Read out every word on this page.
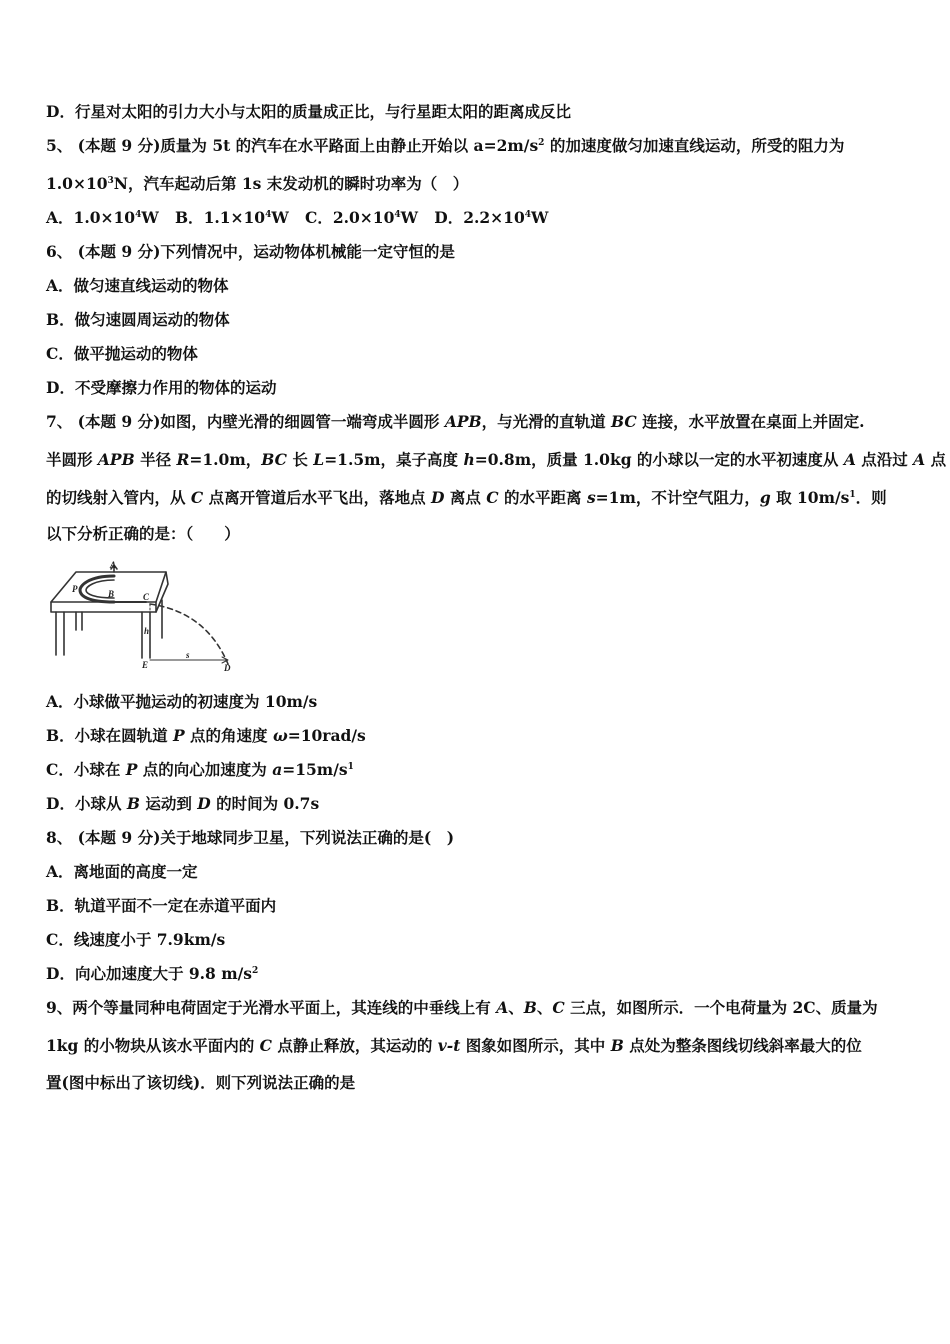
D．行星对太阳的引力大小与太阳的质量成正比，与行星距太阳的距离成反比
5、 (本题 9 分)质量为 5t 的汽车在水平路面上由静止开始以 $a=2m/s^2$ 的加速度做匀加速直线运动，所受的阻力为
$1.0\times 10^3N$，汽车起动后第 1s 末发动机的瞬时功率为（　）
A．$1.0\times 10^4W$ B．$1.1\times 10^4W$ C．$2.0\times 10^4W$ D．$2.2\times 10^4W$
6、 (本题 9 分)下列情况中，运动物体机械能一定守恒的是
A．做匀速直线运动的物体
B．做匀速圆周运动的物体
C．做平抛运动的物体
D．不受摩擦力作用的物体的运动
7、 (本题 9 分)如图，内壁光滑的细圆管一端弯成半圆形 APB，与光滑的直轨道 BC 连接，水平放置在桌面上并固定.
半圆形 APB 半径 R=1.0m，BC 长 L=1.5m，桌子高度 h=0.8m，质量 1.0kg 的小球以一定的水平初速度从 A 点沿过 A 点
的切线射入管内，从 C 点离开管道后水平飞出，落地点 D 离点 C 的水平距离 s=1m，不计空气阻力，g 取 $10m/s^1$．则
以下分析正确的是：（　　）
A
P	B	C
h
E
s
D
A．小球做平抛运动的初速度为 10m/s
B．小球在圆轨道 P 点的角速度 ω=10rad/s
C．小球在 P 点的向心加速度为 $a=15m/s^1$
D．小球从 B 运动到 D 的时间为 0.7s
8、 (本题 9 分)关于地球同步卫星，下列说法正确的是(　)
A．离地面的高度一定
B．轨道平面不一定在赤道平面内
C．线速度小于 7.9km/s
D．向心加速度大于 9.8 $m/s^2$
9、两个等量同种电荷固定于光滑水平面上，其连线的中垂线上有 A、B、C 三点，如图所示．一个电荷量为 2C、质量为
1kg 的小物块从该水平面内的 C 点静止释放，其运动的 v-t 图象如图所示，其中 B 点处为整条图线切线斜率最大的位
置(图中标出了该切线)．则下列说法正确的是
